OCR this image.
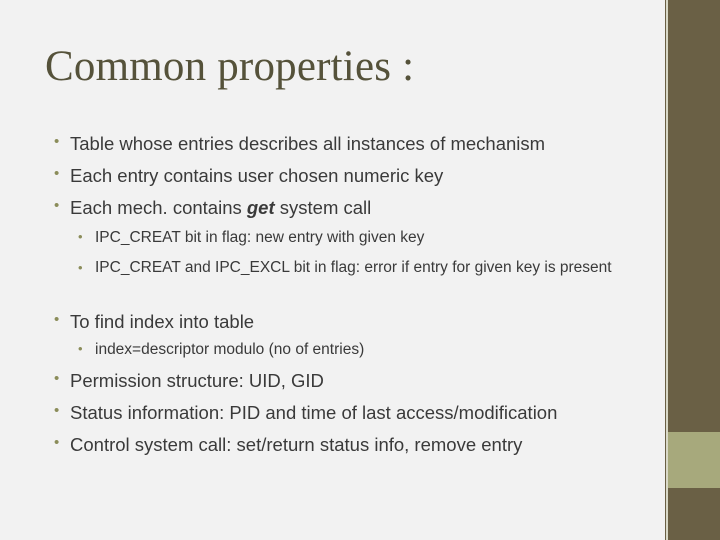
Common properties :
• Table whose entries describes all instances of mechanism
• Each entry contains user chosen numeric key
• Each mech. contains get system call
• IPC_CREAT bit in flag: new entry with given key
• IPC_CREAT and IPC_EXCL bit in flag: error if entry for given key is present
• To find index into table
• index=descriptor modulo (no of entries)
• Permission structure: UID, GID
• Status information: PID and time of last access/modification
• Control system call: set/return status info, remove entry
